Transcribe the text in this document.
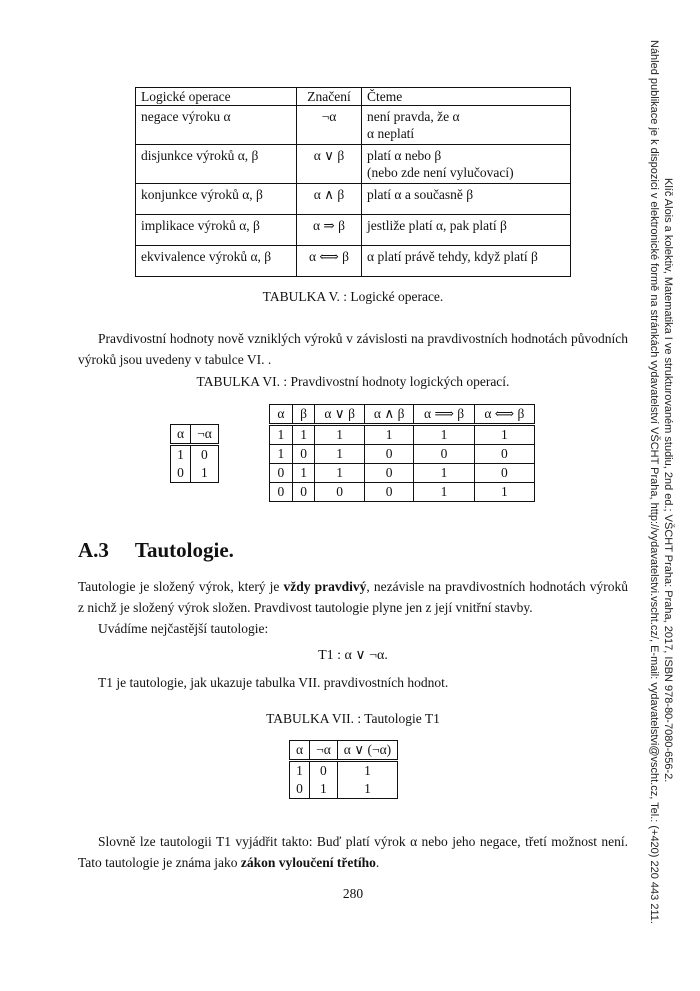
Logické operace	Značení	Čteme
negace výroku α	¬α	není pravda, že α
α neplatí

disjunkce výroků α, β	α ∨ β	platí α nebo β
(nebo zde není vylučovací)

konjunkce výroků α, β	α ∧ β	platí α a současně β

implikace výroků α, β	α ⇒ β	jestliže platí α, pak platí β

ekvivalence výroků α, β	α ⟺ β	α platí právě tehdy, když platí β
TABULKA V. : Logické operace.
Pravdivostní hodnoty nově vzniklých výroků v závislosti na pravdivostních hodnotách původních výroků jsou uvedeny v tabulce VI. .
TABULKA VI. : Pravdivostní hodnoty logických operací.
α	¬α
1	0
0	1
α	β	α ∨ β	α ∧ β	α ⟹ β	α ⟺ β
1	1	1	1	1	1
1	0	1	0	0	0
0	1	1	0	1	0
0	0	0	0	1	1
A.3 Tautologie.
Tautologie je složený výrok, který je vždy pravdivý, nezávisle na pravdivostních hodnotách výroků z nichž je složený výrok složen. Pravdivost tautologie plyne jen z její vnitřní stavby.
Uvádíme nejčastější tautologie:
T1 : α ∨ ¬α.
T1 je tautologie, jak ukazuje tabulka VII. pravdivostních hodnot.
TABULKA VII. : Tautologie T1
α	¬α	α ∨ (¬α)
1	0	1
0	1	1
Slovně lze tautologii T1 vyjádřit takto: Buď platí výrok α nebo jeho negace, třetí možnost není. Tato tautologie je známa jako zákon vyloučení třetího.
280
Klíč Alois a kolektiv, Matematika I ve strukturovaném studiu, 2nd ed.; VŠCHT Praha: Praha, 2017, ISBN 978-80-7080-656-2.
Náhled publikace je k dispozici v elektronické formě na stránkách vydavatelství VŠCHT Praha, http://vydavatelstvi.vscht.cz/, E-mail: vydavatelstvi@vscht.cz, Tel.: (+420) 220 443 211.
